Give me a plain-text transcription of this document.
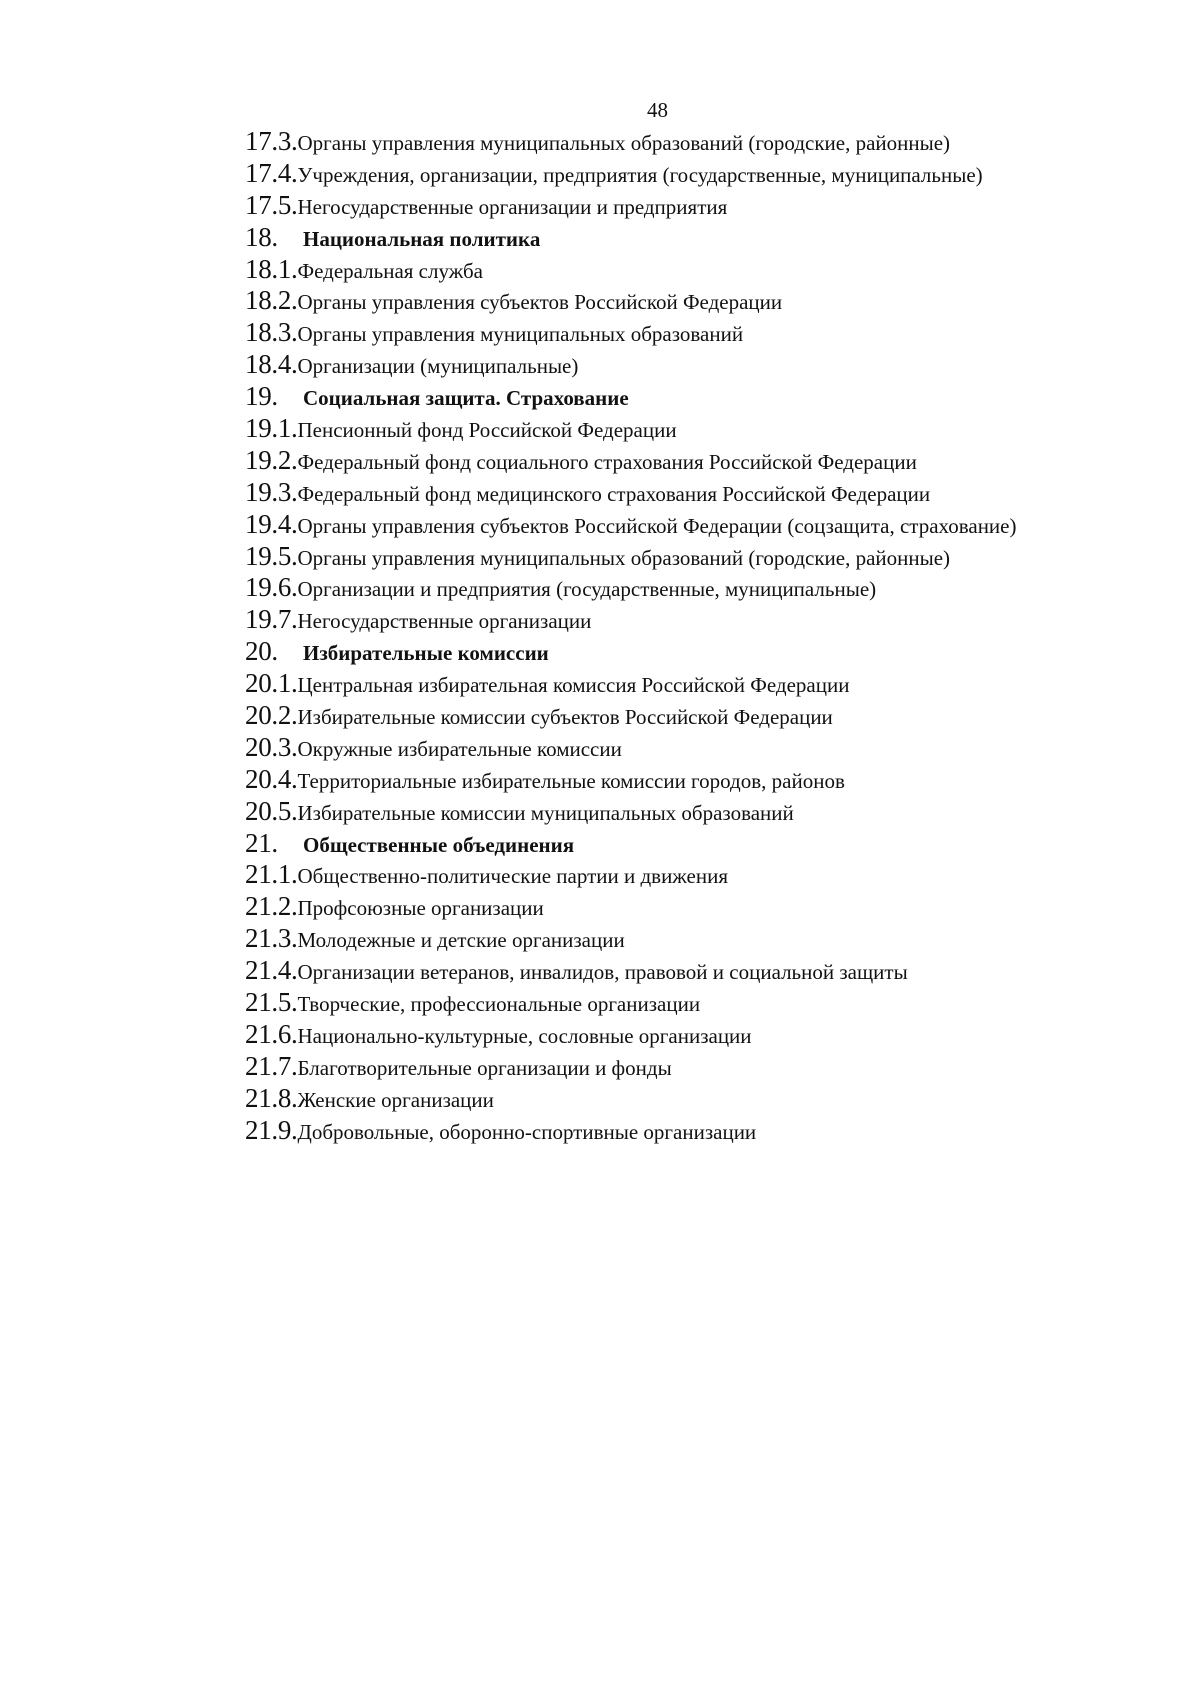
48
17.3. Органы управления муниципальных образований (городские, районные)
17.4. Учреждения, организации, предприятия (государственные, муниципальные)
17.5. Негосударственные организации и предприятия
18.	Национальная политика
18.1. Федеральная служба
18.2. Органы управления субъектов Российской Федерации
18.3. Органы управления муниципальных образований
18.4. Организации (муниципальные)
19.	Социальная защита. Страхование
19.1. Пенсионный фонд Российской Федерации
19.2. Федеральный фонд социального страхования Российской Федерации
19.3. Федеральный фонд медицинского страхования Российской Федерации
19.4. Органы управления субъектов Российской Федерации (соцзащита, страхование)
19.5. Органы управления муниципальных образований (городские, районные)
19.6. Организации и предприятия (государственные, муниципальные)
19.7. Негосударственные организации
20.	Избирательные комиссии
20.1. Центральная избирательная комиссия Российской Федерации
20.2. Избирательные комиссии субъектов Российской Федерации
20.3. Окружные избирательные комиссии
20.4. Территориальные избирательные комиссии городов, районов
20.5. Избирательные комиссии муниципальных образований
21.	Общественные объединения
21.1. Общественно-политические партии и движения
21.2. Профсоюзные организации
21.3. Молодежные и детские организации
21.4. Организации ветеранов, инвалидов, правовой и социальной защиты
21.5. Творческие, профессиональные организации
21.6. Национально-культурные, сословные организации
21.7. Благотворительные организации и фонды
21.8. Женские организации
21.9. Добровольные, оборонно-спортивные организации
